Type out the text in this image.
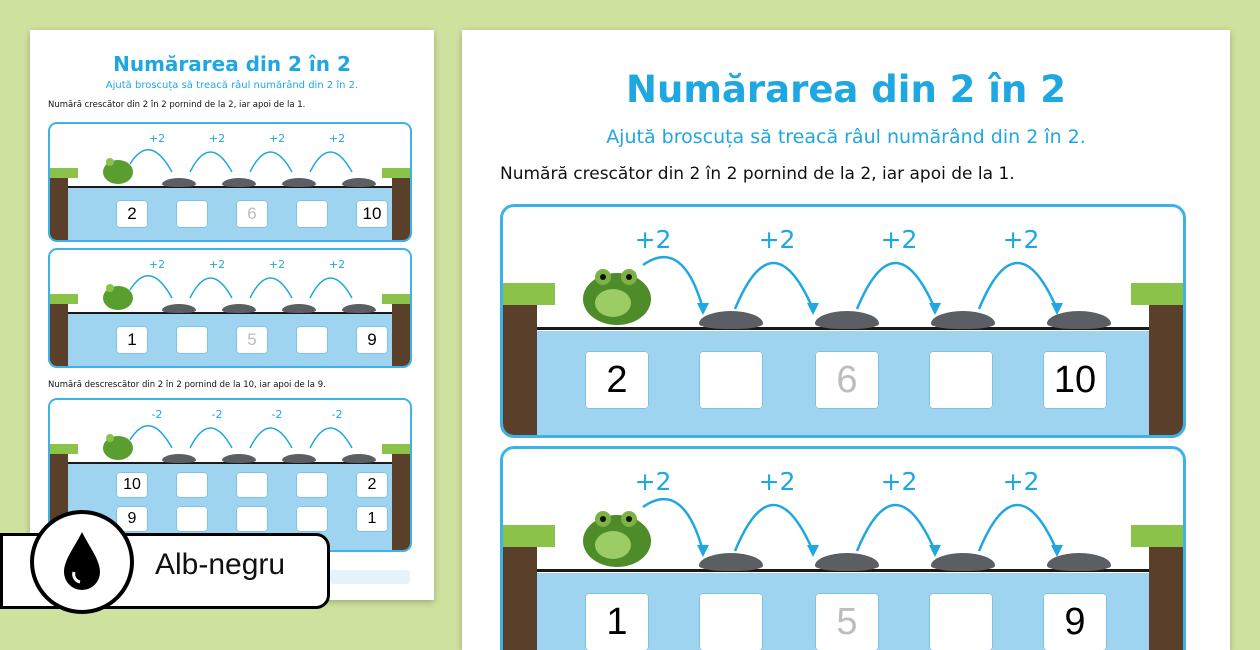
Numărarea din 2 în 2
Ajută broscuța să treacă râul numărând din 2 în 2.
Numără crescător din 2 în 2 pornind de la 2, iar apoi de la 1.
+2	+2	+2	+2
2	6	10
+2	+2	+2	+2
1	5	9
Numără descrescător din 2 în 2 pornind de la 10, iar apoi de la 9.
-2	-2	-2	-2
10	2
9	1
Numărarea din 2 în 2
Ajută broscuța să treacă râul numărând din 2 în 2.
Numără crescător din 2 în 2 pornind de la 2, iar apoi de la 1.
+2	+2	+2	+2
2	6	10
+2	+2	+2	+2
1	5	9
Alb-negru
